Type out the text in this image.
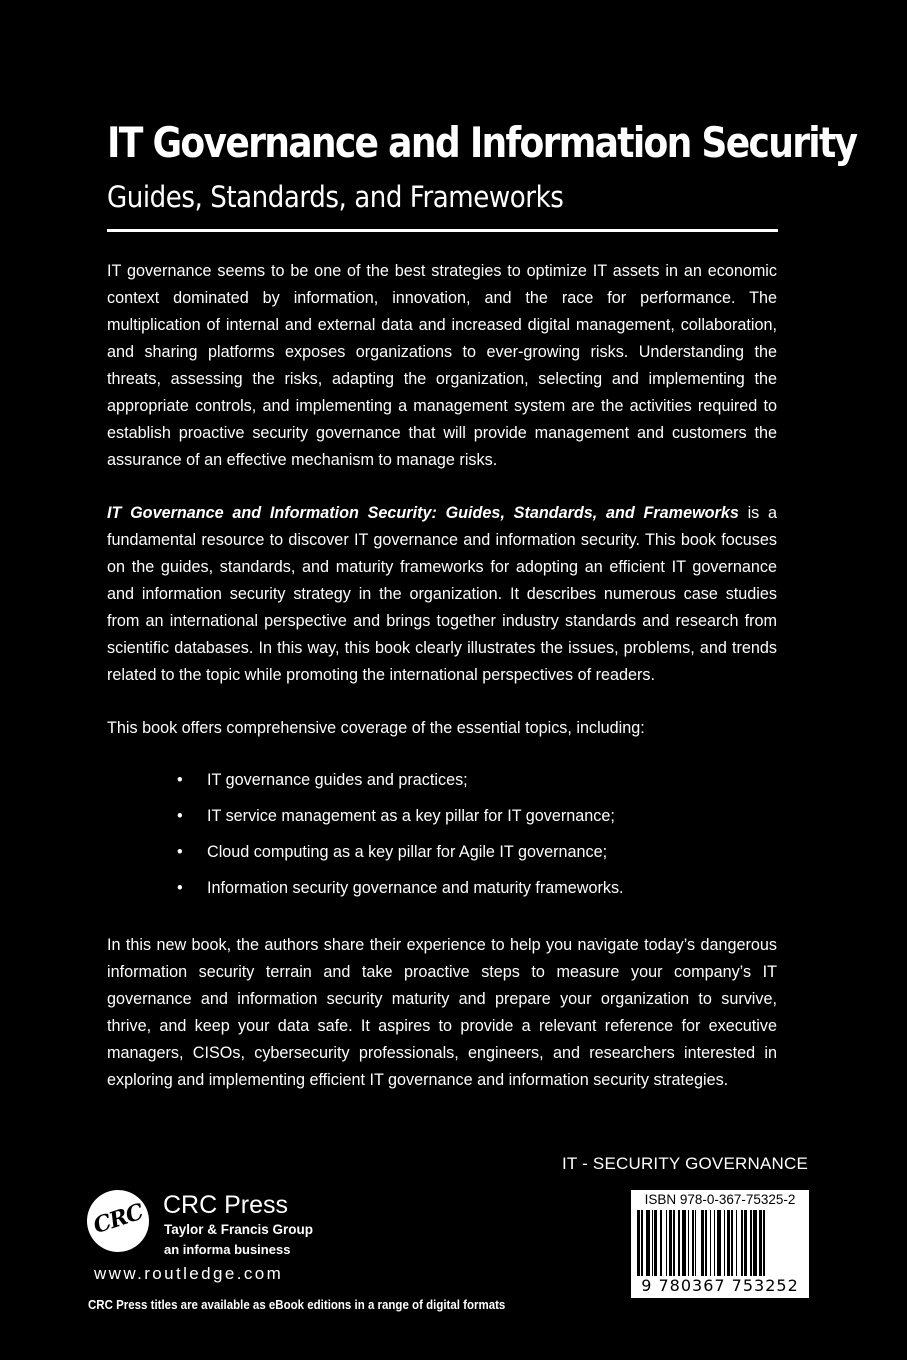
IT Governance and Information Security
Guides, Standards, and Frameworks

IT governance seems to be one of the best strategies to optimize IT assets in an economic context dominated by information, innovation, and the race for performance. The multiplication of internal and external data and increased digital management, collaboration, and sharing platforms exposes organizations to ever-growing risks. Understanding the threats, assessing the risks, adapting the organization, selecting and implementing the appropriate controls, and implementing a management system are the activities required to establish proactive security governance that will provide management and customers the assurance of an effective mechanism to manage risks.

IT Governance and Information Security: Guides, Standards, and Frameworks is a fundamental resource to discover IT governance and information security. This book focuses on the guides, standards, and maturity frameworks for adopting an efficient IT governance and information security strategy in the organization. It describes numerous case studies from an international perspective and brings together industry standards and research from scientific databases. In this way, this book clearly illustrates the issues, problems, and trends related to the topic while promoting the international perspectives of readers.

This book offers comprehensive coverage of the essential topics, including:

• IT governance guides and practices;
• IT service management as a key pillar for IT governance;
• Cloud computing as a key pillar for Agile IT governance;
• Information security governance and maturity frameworks.

In this new book, the authors share their experience to help you navigate today’s dangerous information security terrain and take proactive steps to measure your company’s IT governance and information security maturity and prepare your organization to survive, thrive, and keep your data safe. It aspires to provide a relevant reference for executive managers, CISOs, cybersecurity professionals, engineers, and researchers interested in exploring and implementing efficient IT governance and information security strategies.

IT - SECURITY GOVERNANCE
CRC CRC Press
Taylor & Francis Group
an informa business
www.routledge.com
CRC Press titles are available as eBook editions in a range of digital formats
ISBN 978-0-367-75325-2
9 780367 753252
